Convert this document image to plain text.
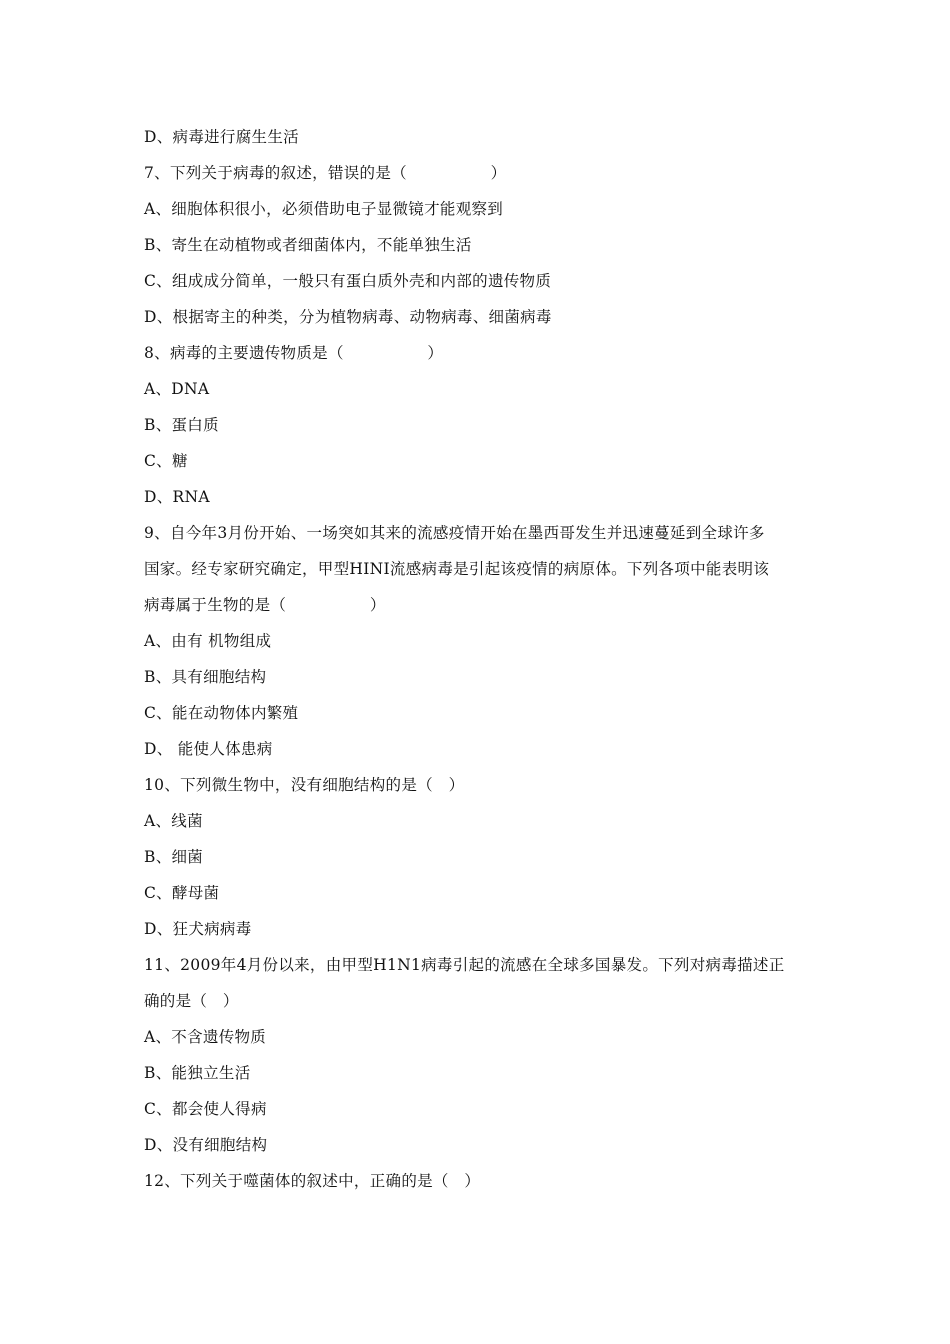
D、病毒进行腐生生活
7、下列关于病毒的叙述，错误的是（                ）
A、细胞体积很小，必须借助电子显微镜才能观察到
B、寄生在动植物或者细菌体内，不能单独生活
C、组成成分简单，一般只有蛋白质外壳和内部的遗传物质
D、根据寄主的种类，分为植物病毒、动物病毒、细菌病毒
8、病毒的主要遗传物质是（                ）
A、DNA
B、蛋白质
C、糖
D、RNA
9、自今年3月份开始、一场突如其来的流感疫情开始在墨西哥发生并迅速蔓延到全球许多
国家。经专家研究确定，甲型HINI流感病毒是引起该疫情的病原体。下列各项中能表明该
病毒属于生物的是（                ）
A、由有 机物组成
B、具有细胞结构
C、能在动物体内繁殖
D、 能使人体患病
10、下列微生物中，没有细胞结构的是（   ）
A、线菌
B、细菌
C、酵母菌
D、狂犬病病毒
11、2009年4月份以来，由甲型H1N1病毒引起的流感在全球多国暴发。下列对病毒描述正
确的是（   ）
A、不含遗传物质
B、能独立生活
C、都会使人得病
D、没有细胞结构
12、下列关于噬菌体的叙述中，正确的是（   ）
